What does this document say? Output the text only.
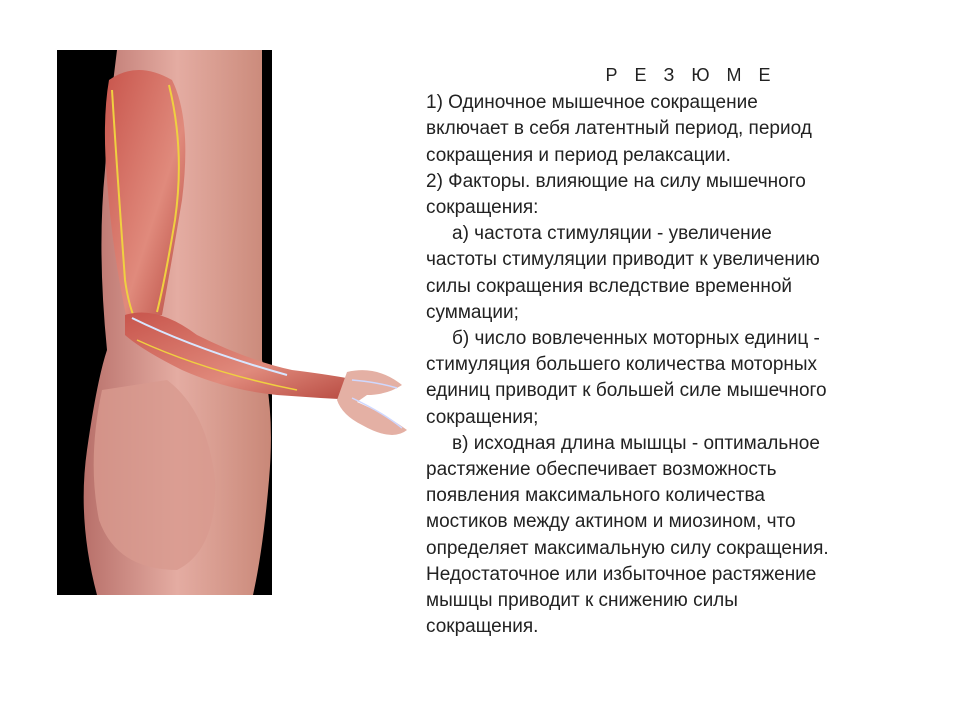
Р Е З Ю М Е
1) Одиночное мышечное сокращение
включает в себя латентный период, период
сокращения и период релаксации.
2) Факторы. влияющие на силу мышечного
сокращения:
а) частота стимуляции - увеличение
частоты стимуляции приводит к увеличению
силы сокращения вследствие временной
суммации;
б) число вовлеченных моторных единиц -
стимуляция большего количества моторных
единиц приводит к большей силе мышечного
сокращения;
в) исходная длина мышцы - оптимальное
растяжение обеспечивает возможность
появления максимального количества
мостиков между актином и миозином, что
определяет максимальную силу сокращения.
Недостаточное или избыточное растяжение
мышцы приводит к снижению силы
сокращения.
